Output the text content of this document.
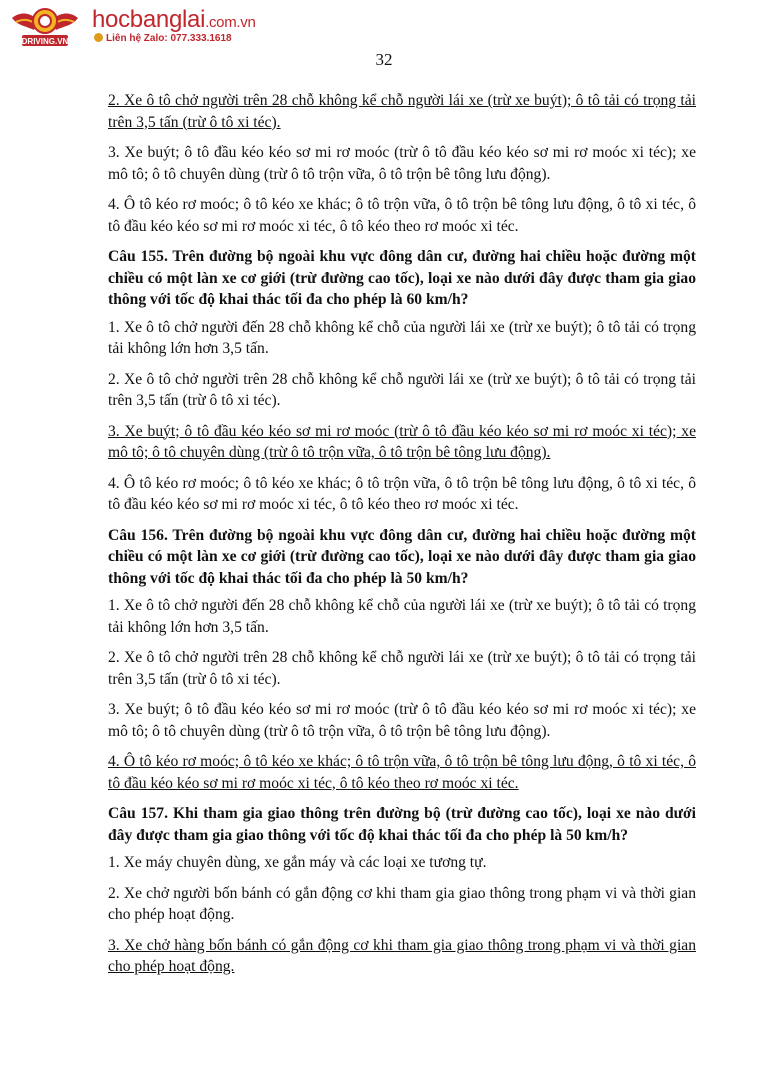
DRIVING.VN
hocbanglai.com.vn
Liên hệ Zalo: 077.333.1618
32

2. Xe ô tô chở người trên 28 chỗ không kể chỗ người lái xe (trừ xe buýt); ô tô tải có trọng tải trên 3,5 tấn (trừ ô tô xi téc).

3. Xe buýt; ô tô đầu kéo kéo sơ mi rơ moóc (trừ ô tô đầu kéo kéo sơ mi rơ moóc xi téc); xe mô tô; ô tô chuyên dùng (trừ ô tô trộn vữa, ô tô trộn bê tông lưu động).

4. Ô tô kéo rơ moóc; ô tô kéo xe khác; ô tô trộn vữa, ô tô trộn bê tông lưu động, ô tô xi téc, ô tô đầu kéo kéo sơ mi rơ moóc xi téc, ô tô kéo theo rơ moóc xi téc.

Câu 155. Trên đường bộ ngoài khu vực đông dân cư, đường hai chiều hoặc đường một chiều có một làn xe cơ giới (trừ đường cao tốc), loại xe nào dưới đây được tham gia giao thông với tốc độ khai thác tối đa cho phép là 60 km/h?

1. Xe ô tô chở người đến 28 chỗ không kể chỗ của người lái xe (trừ xe buýt); ô tô tải có trọng tải không lớn hơn 3,5 tấn.

2. Xe ô tô chở người trên 28 chỗ không kể chỗ người lái xe (trừ xe buýt); ô tô tải có trọng tải trên 3,5 tấn (trừ ô tô xi téc).

3. Xe buýt; ô tô đầu kéo kéo sơ mi rơ moóc (trừ ô tô đầu kéo kéo sơ mi rơ moóc xi téc); xe mô tô; ô tô chuyên dùng (trừ ô tô trộn vữa, ô tô trộn bê tông lưu động).

4. Ô tô kéo rơ moóc; ô tô kéo xe khác; ô tô trộn vữa, ô tô trộn bê tông lưu động, ô tô xi téc, ô tô đầu kéo kéo sơ mi rơ moóc xi téc, ô tô kéo theo rơ moóc xi téc.

Câu 156. Trên đường bộ ngoài khu vực đông dân cư, đường hai chiều hoặc đường một chiều có một làn xe cơ giới (trừ đường cao tốc), loại xe nào dưới đây được tham gia giao thông với tốc độ khai thác tối đa cho phép là 50 km/h?

1. Xe ô tô chở người đến 28 chỗ không kể chỗ của người lái xe (trừ xe buýt); ô tô tải có trọng tải không lớn hơn 3,5 tấn.

2. Xe ô tô chở người trên 28 chỗ không kể chỗ người lái xe (trừ xe buýt); ô tô tải có trọng tải trên 3,5 tấn (trừ ô tô xi téc).

3. Xe buýt; ô tô đầu kéo kéo sơ mi rơ moóc (trừ ô tô đầu kéo kéo sơ mi rơ moóc xi téc); xe mô tô; ô tô chuyên dùng (trừ ô tô trộn vữa, ô tô trộn bê tông lưu động).

4. Ô tô kéo rơ moóc; ô tô kéo xe khác; ô tô trộn vữa, ô tô trộn bê tông lưu động, ô tô xi téc, ô tô đầu kéo kéo sơ mi rơ moóc xi téc, ô tô kéo theo rơ moóc xi téc.

Câu 157. Khi tham gia giao thông trên đường bộ (trừ đường cao tốc), loại xe nào dưới đây được tham gia giao thông với tốc độ khai thác tối đa cho phép là 50 km/h?

1. Xe máy chuyên dùng, xe gắn máy và các loại xe tương tự.

2. Xe chở người bốn bánh có gắn động cơ khi tham gia giao thông trong phạm vi và thời gian cho phép hoạt động.

3. Xe chở hàng bốn bánh có gắn động cơ khi tham gia giao thông trong phạm vi và thời gian cho phép hoạt động.
